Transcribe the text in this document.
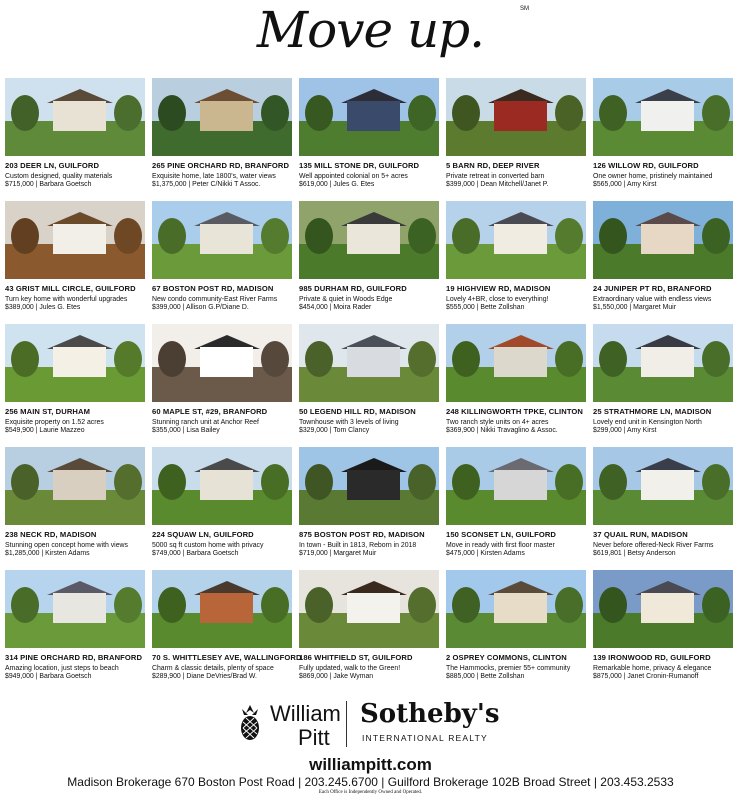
Move up.	SM
203 DEER LN, GUILFORD
Custom designed, quality materials
$715,000 | Barbara Goetsch
265 PINE ORCHARD RD, BRANFORD
Exquisite home, late 1800's, water views
$1,375,000 | Peter C/Nikki T Assoc.
135 MILL STONE DR, GUILFORD
Well appointed colonial on 5+ acres
$619,000 | Jules G. Etes
5 BARN RD, DEEP RIVER
Private retreat in converted barn
$399,000 | Dean Mitchell/Janet P.
126 WILLOW RD, GUILFORD
One owner home, pristinely maintained
$565,000 | Amy Kirst
43 GRIST MILL CIRCLE, GUILFORD
Turn key home with wonderful upgrades
$389,000 | Jules G. Etes
67 BOSTON POST RD, MADISON
New condo community-East River Farms
$399,000 | Allison G.P/Diane D.
985 DURHAM RD, GUILFORD
Private & quiet in Woods Edge
$454,000 | Moira Rader
19 HIGHVIEW RD, MADISON
Lovely 4+BR, close to everything!
$555,000 | Bette Zollshan
24 JUNIPER PT RD, BRANFORD
Extraordinary value with endless views
$1,550,000 | Margaret Muir
256 MAIN ST, DURHAM
Exquisite property on 1.52 acres
$549,900 | Laurie Mazzeo
60 MAPLE ST, #29, BRANFORD
Stunning ranch unit at Anchor Reef
$355,000 | Lisa Bailey
50 LEGEND HILL RD, MADISON
Townhouse with 3 levels of living
$329,000 | Tom Clancy
248 KILLINGWORTH TPKE, CLINTON
Two ranch style units on 4+ acres
$369,900 | Nikki Travaglino & Assoc.
25 STRATHMORE LN, MADISON
Lovely end unit in Kensington North
$299,000 | Amy Kirst
238 NECK RD, MADISON
Stunning open concept home with views
$1,285,000 | Kirsten Adams
224 SQUAW LN, GUILFORD
5000 sq ft custom home with privacy
$749,000 | Barbara Goetsch
875 BOSTON POST RD, MADISON
In town - Built in 1813, Reborn in 2018
$719,000 | Margaret Muir
150 SCONSET LN, GUILFORD
Move in ready with first floor master
$475,000 | Kirsten Adams
37 QUAIL RUN, MADISON
Never before offered-Neck River Farms
$619,801 | Betsy Anderson
314 PINE ORCHARD RD, BRANFORD
Amazing location, just steps to beach
$949,000 | Barbara Goetsch
70 S. WHITTLESEY AVE, WALLINGFORD
Charm & classic details, plenty of space
$289,900 | Diane DeVries/Brad W.
186 WHITFIELD ST, GUILFORD
Fully updated, walk to the Green!
$869,000 | Jake Wyman
2 OSPREY COMMONS, CLINTON
The Hammocks, premier 55+ community
$885,000 | Bette Zollshan
139 IRONWOOD RD, GUILFORD
Remarkable home, privacy & elegance
$875,000 | Janet Cronin-Rumanoff
William
Pitt
Sotheby's
INTERNATIONAL REALTY
williampitt.com
Madison Brokerage 670 Boston Post Road | 203.245.6700 | Guilford Brokerage 102B Broad Street | 203.453.2533
Each Office is Independently Owned and Operated.
